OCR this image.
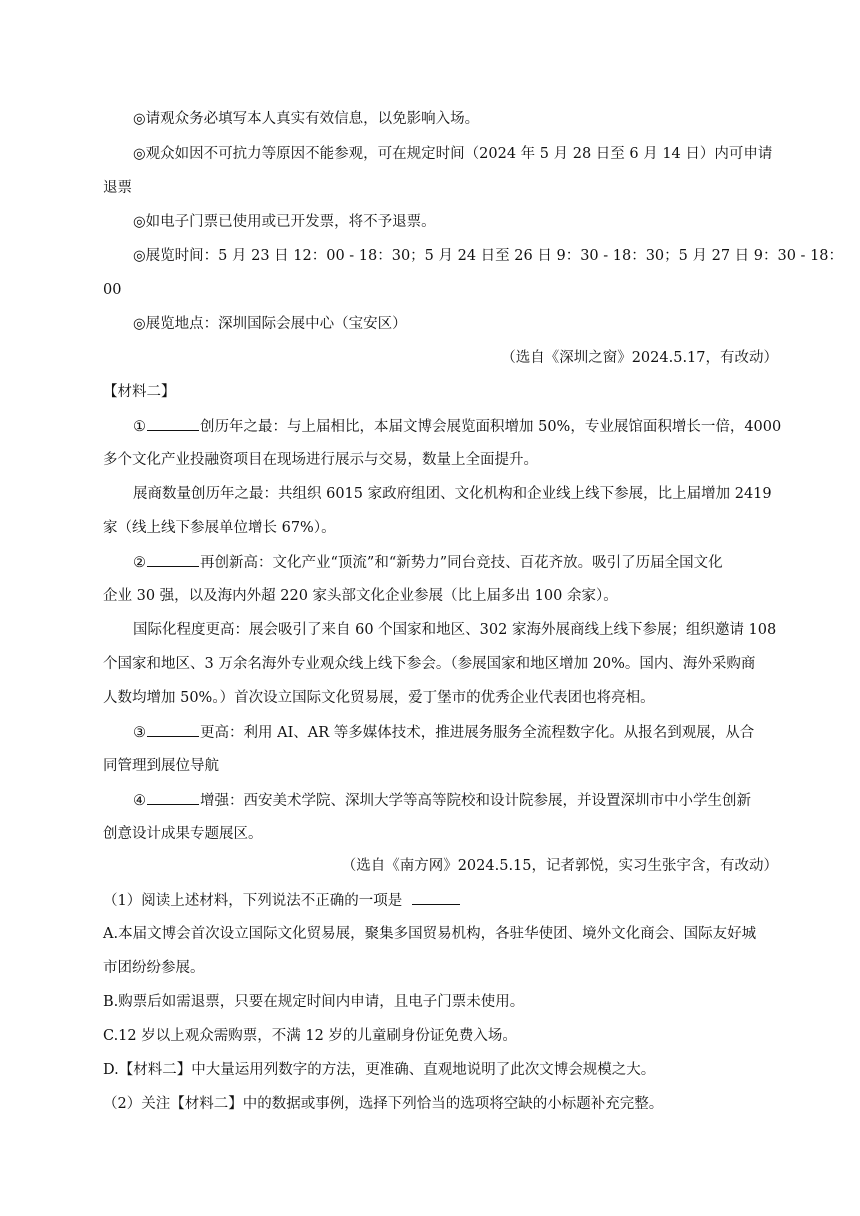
◎请观众务必填写本人真实有效信息，以免影响入场。
◎观众如因不可抗力等原因不能参观，可在规定时间（2024 年 5 月 28 日至 6 月 14 日）内可申请
退票
◎如电子门票已使用或已开发票，将不予退票。
◎展览时间：5 月 23 日 12：00 ‐ 18：30；5 月 24 日至 26 日 9：30 ‐ 18：30；5 月 27 日 9：30 ‐ 18：
00
◎展览地点：深圳国际会展中心（宝安区）
（选自《深圳之窗》2024.5.17，有改动）
【材料二】
①	创历年之最：与上届相比，本届文博会展览面积增加 50%，专业展馆面积增长一倍，4000
多个文化产业投融资项目在现场进行展示与交易，数量上全面提升。
展商数量创历年之最：共组织 6015 家政府组团、文化机构和企业线上线下参展，比上届增加 2419
家（线上线下参展单位增长 67%）。
②	再创新高：文化产业“顶流”和“新势力”同台竞技、百花齐放。吸引了历届全国文化
企业 30 强，以及海内外超 220 家头部文化企业参展（比上届多出 100 余家）。
国际化程度更高：展会吸引了来自 60 个国家和地区、302 家海外展商线上线下参展；组织邀请 108
个国家和地区、3 万余名海外专业观众线上线下参会。（参展国家和地区增加 20%。国内、海外采购商
人数均增加 50%。）首次设立国际文化贸易展，爱丁堡市的优秀企业代表团也将亮相。
③	更高：利用 AI、AR 等多媒体技术，推进展务服务全流程数字化。从报名到观展，从合
同管理到展位导航
④	增强：西安美术学院、深圳大学等高等院校和设计院参展，并设置深圳市中小学生创新
创意设计成果专题展区。
（选自《南方网》2024.5.15，记者郭悦，实习生张宇含，有改动）
（1）阅读上述材料，下列说法不正确的一项是
A.本届文博会首次设立国际文化贸易展，聚集多国贸易机构，各驻华使团、境外文化商会、国际友好城
市团纷纷参展。
B.购票后如需退票，只要在规定时间内申请，且电子门票未使用。
C.12 岁以上观众需购票，不满 12 岁的儿童刷身份证免费入场。
D.【材料二】中大量运用列数字的方法，更准确、直观地说明了此次文博会规模之大。
（2）关注【材料二】中的数据或事例，选择下列恰当的选项将空缺的小标题补充完整。
